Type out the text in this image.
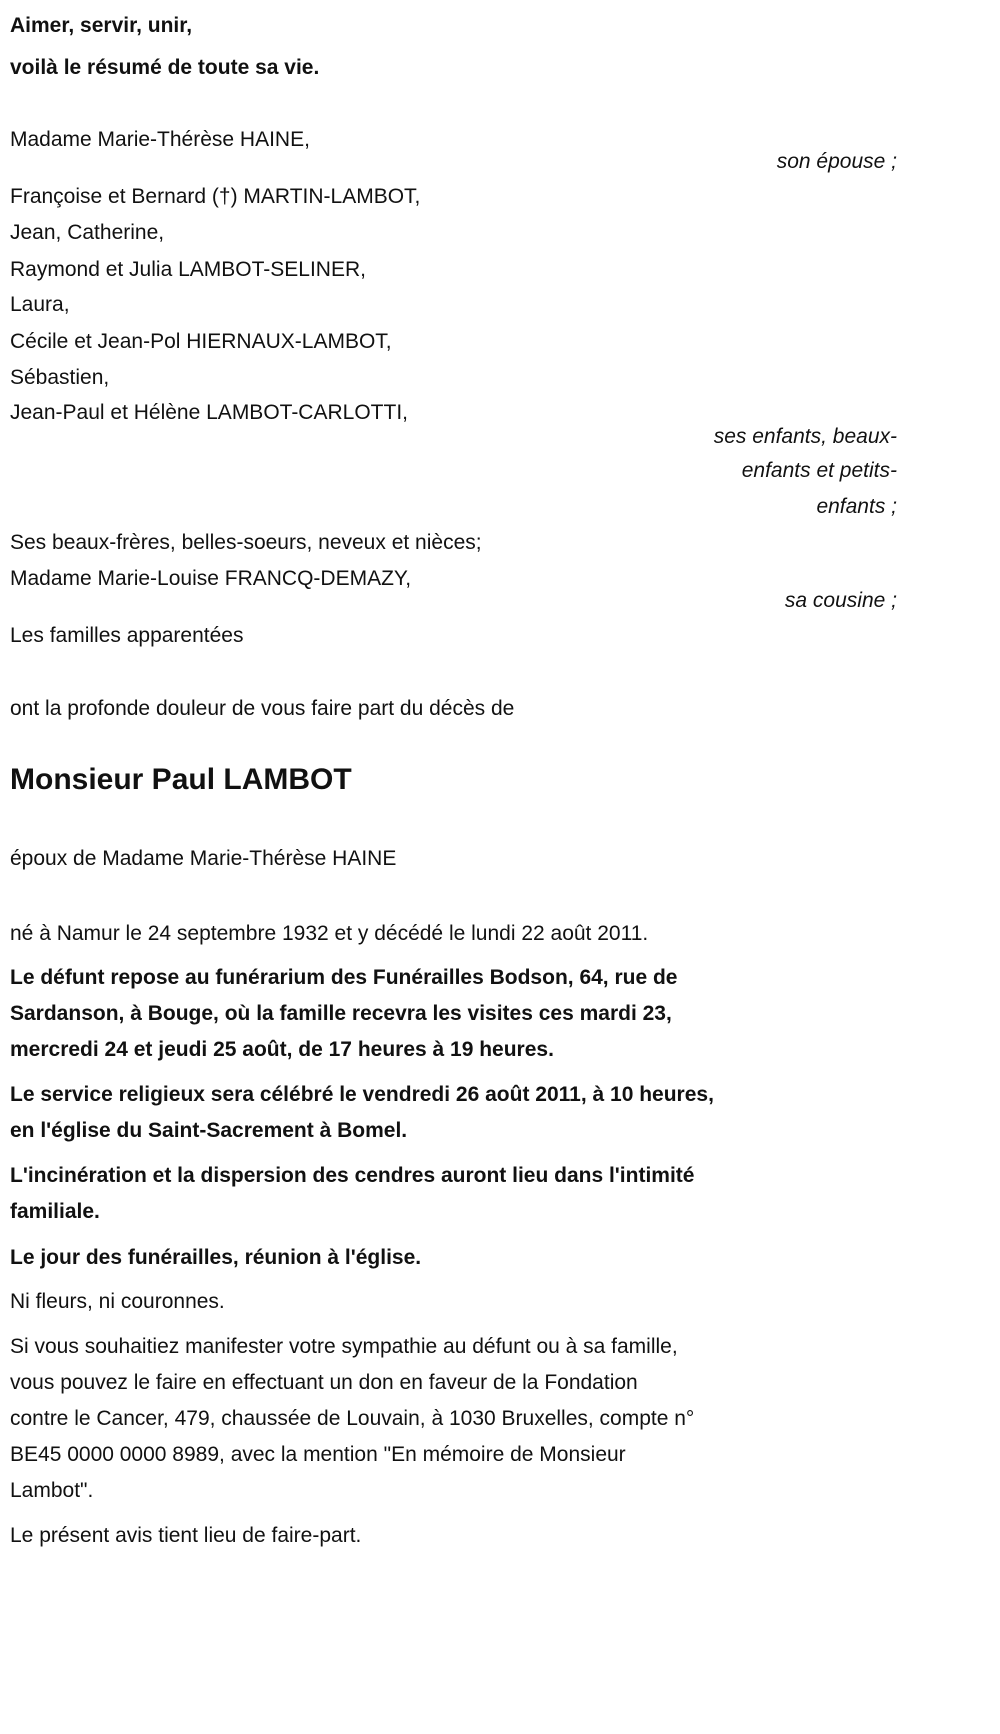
Aimer, servir, unir,
voilà le résumé de toute sa vie.
Madame Marie-Thérèse HAINE,
son épouse ;
Françoise et Bernard (†) MARTIN-LAMBOT,
Jean, Catherine,
Raymond et Julia LAMBOT-SELINER,
Laura,
Cécile et Jean-Pol HIERNAUX-LAMBOT,
Sébastien,
Jean-Paul et Hélène LAMBOT-CARLOTTI,
ses enfants, beaux-
enfants et petits-
enfants ;
Ses beaux-frères, belles-soeurs, neveux et nièces;
Madame Marie-Louise FRANCQ-DEMAZY,
sa cousine ;
Les familles apparentées
ont la profonde douleur de vous faire part du décès de
Monsieur Paul LAMBOT
époux de Madame Marie-Thérèse HAINE
né à Namur le 24 septembre 1932 et y décédé le lundi 22 août 2011.
Le défunt repose au funérarium des Funérailles Bodson, 64, rue de
Sardanson, à Bouge, où la famille recevra les visites ces mardi 23,
mercredi 24 et jeudi 25 août, de 17 heures à 19 heures.
Le service religieux sera célébré le vendredi 26 août 2011, à 10 heures,
en l'église du Saint-Sacrement à Bomel.
L'incinération et la dispersion des cendres auront lieu dans l'intimité
familiale.
Le jour des funérailles, réunion à l'église.
Ni fleurs, ni couronnes.
Si vous souhaitiez manifester votre sympathie au défunt ou à sa famille,
vous pouvez le faire en effectuant un don en faveur de la Fondation
contre le Cancer, 479, chaussée de Louvain, à 1030 Bruxelles, compte n°
BE45 0000 0000 8989, avec la mention "En mémoire de Monsieur
Lambot".
Le présent avis tient lieu de faire-part.
